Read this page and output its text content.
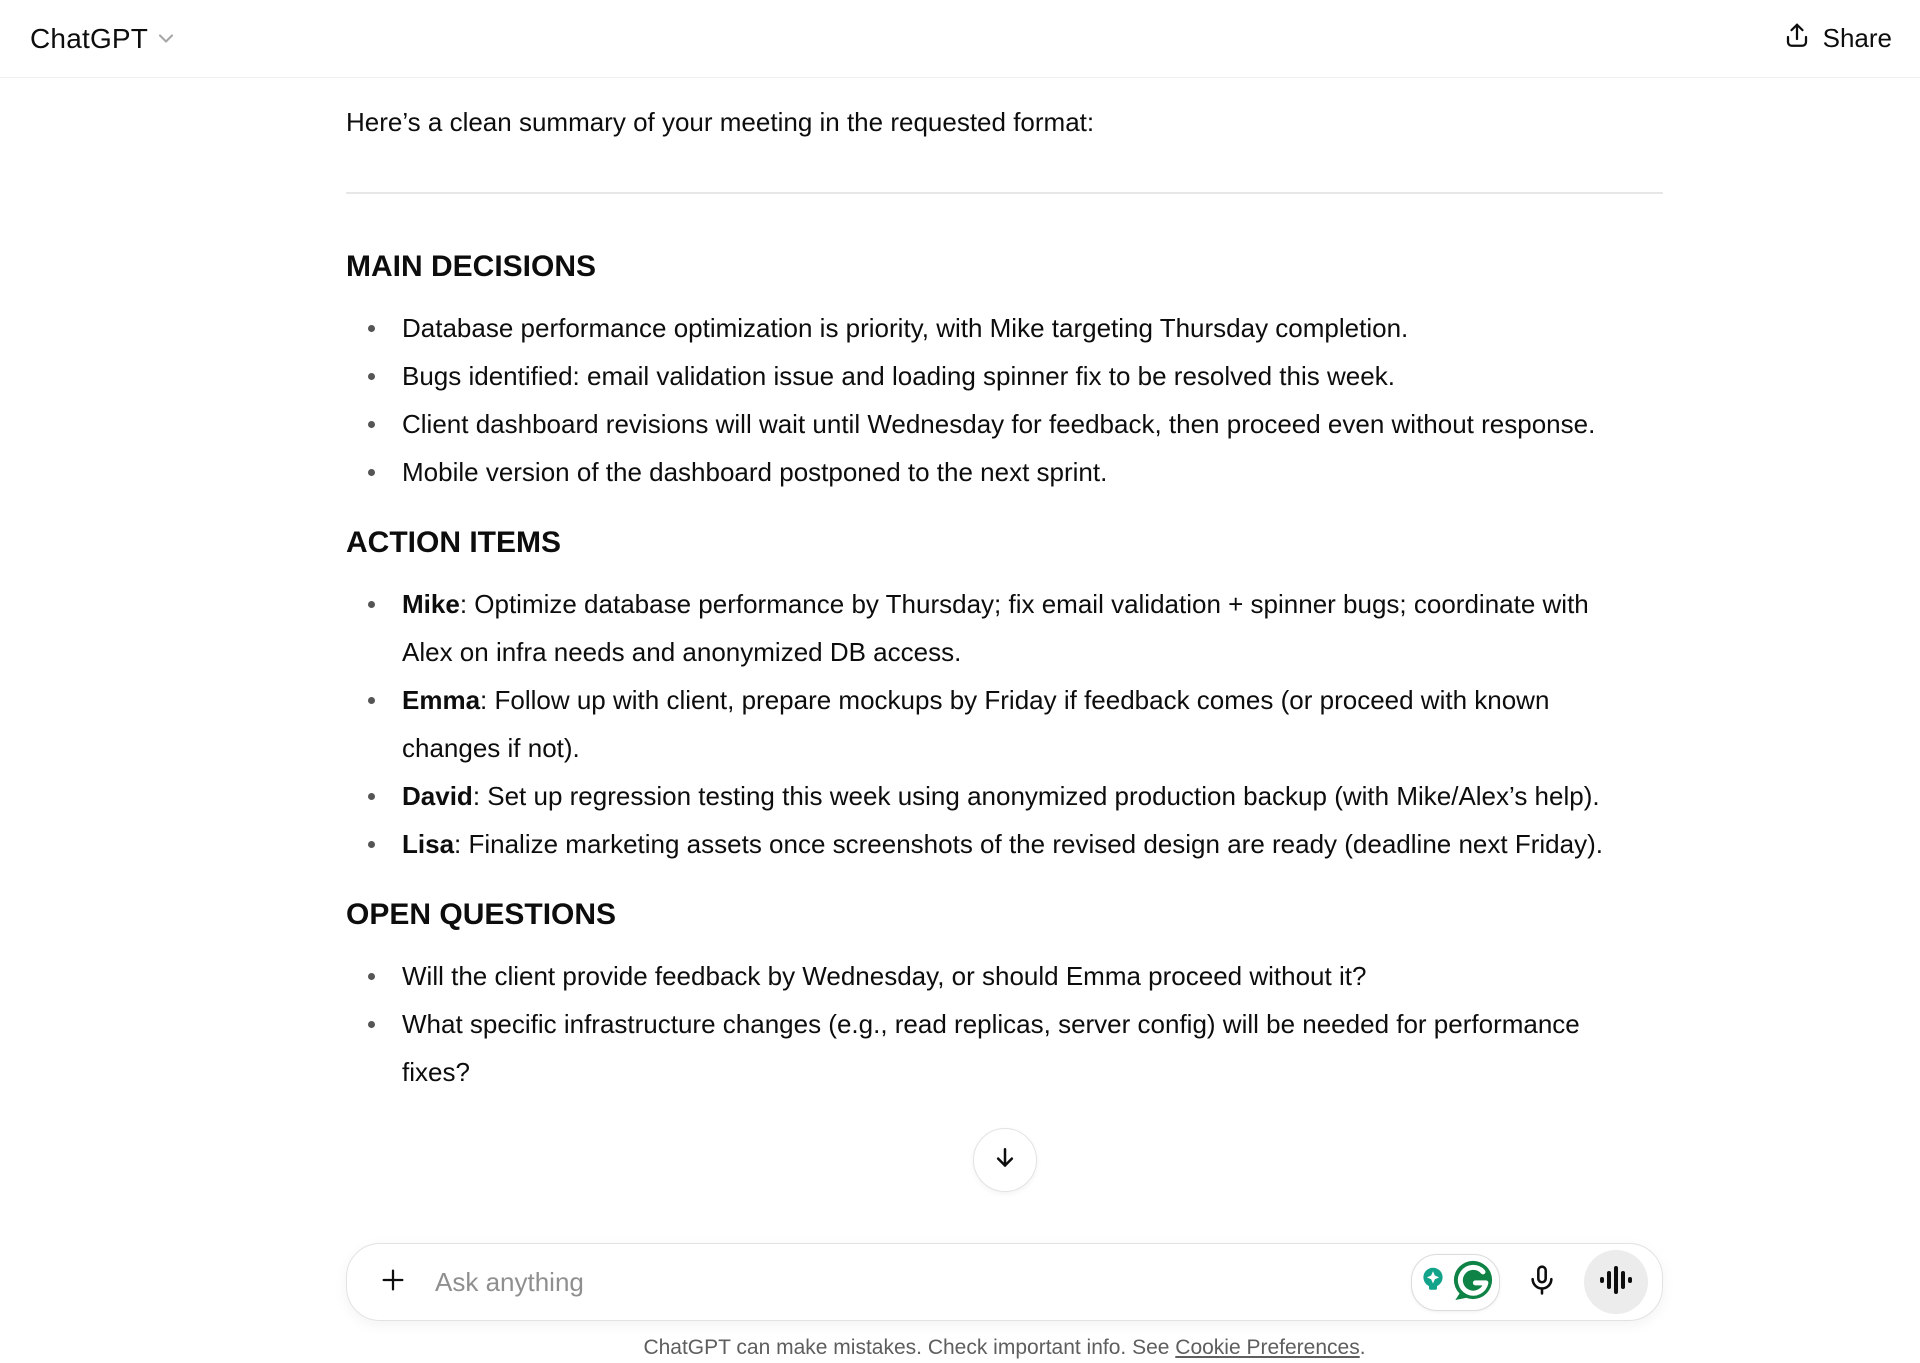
ChatGPT	Share

Here’s a clean summary of your meeting in the requested format:

MAIN DECISIONS
Database performance optimization is priority, with Mike targeting Thursday completion.
Bugs identified: email validation issue and loading spinner fix to be resolved this week.
Client dashboard revisions will wait until Wednesday for feedback, then proceed even without response.
Mobile version of the dashboard postponed to the next sprint.
ACTION ITEMS
Mike: Optimize database performance by Thursday; fix email validation + spinner bugs; coordinate with Alex on infra needs and anonymized DB access.
Emma: Follow up with client, prepare mockups by Friday if feedback comes (or proceed with known changes if not).
David: Set up regression testing this week using anonymized production backup (with Mike/Alex’s help).
Lisa: Finalize marketing assets once screenshots of the revised design are ready (deadline next Friday).
OPEN QUESTIONS
Will the client provide feedback by Wednesday, or should Emma proceed without it?
What specific infrastructure changes (e.g., read replicas, server config) will be needed for performance fixes?
Ask anything
ChatGPT can make mistakes. Check important info. See Cookie Preferences.
